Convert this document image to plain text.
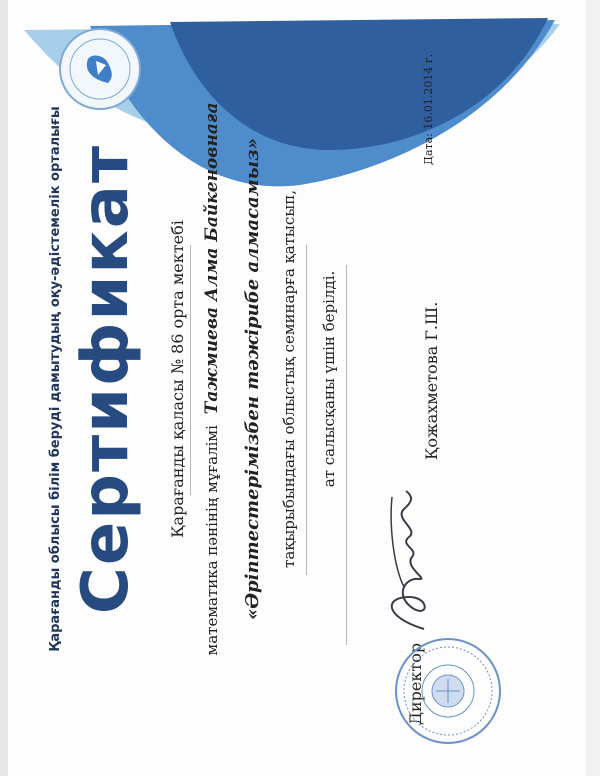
Қарағанды облысы білім беруді дамытудың оқу-әдістемелік орталығы Сертификат Қарағанды қаласы № 86 орта мектебі

математика пәнінің мұғалімі Тажмиева Алма Байкеновнаға «Әріптестерімізбен тәжірибе алмасамыз» тақырыбындағы облыстық семинарға қатысып, ат салысқаны үшін берілді.

Директор

Қожахметова Г.Ш.

Дата: 16.01.2014 г.
